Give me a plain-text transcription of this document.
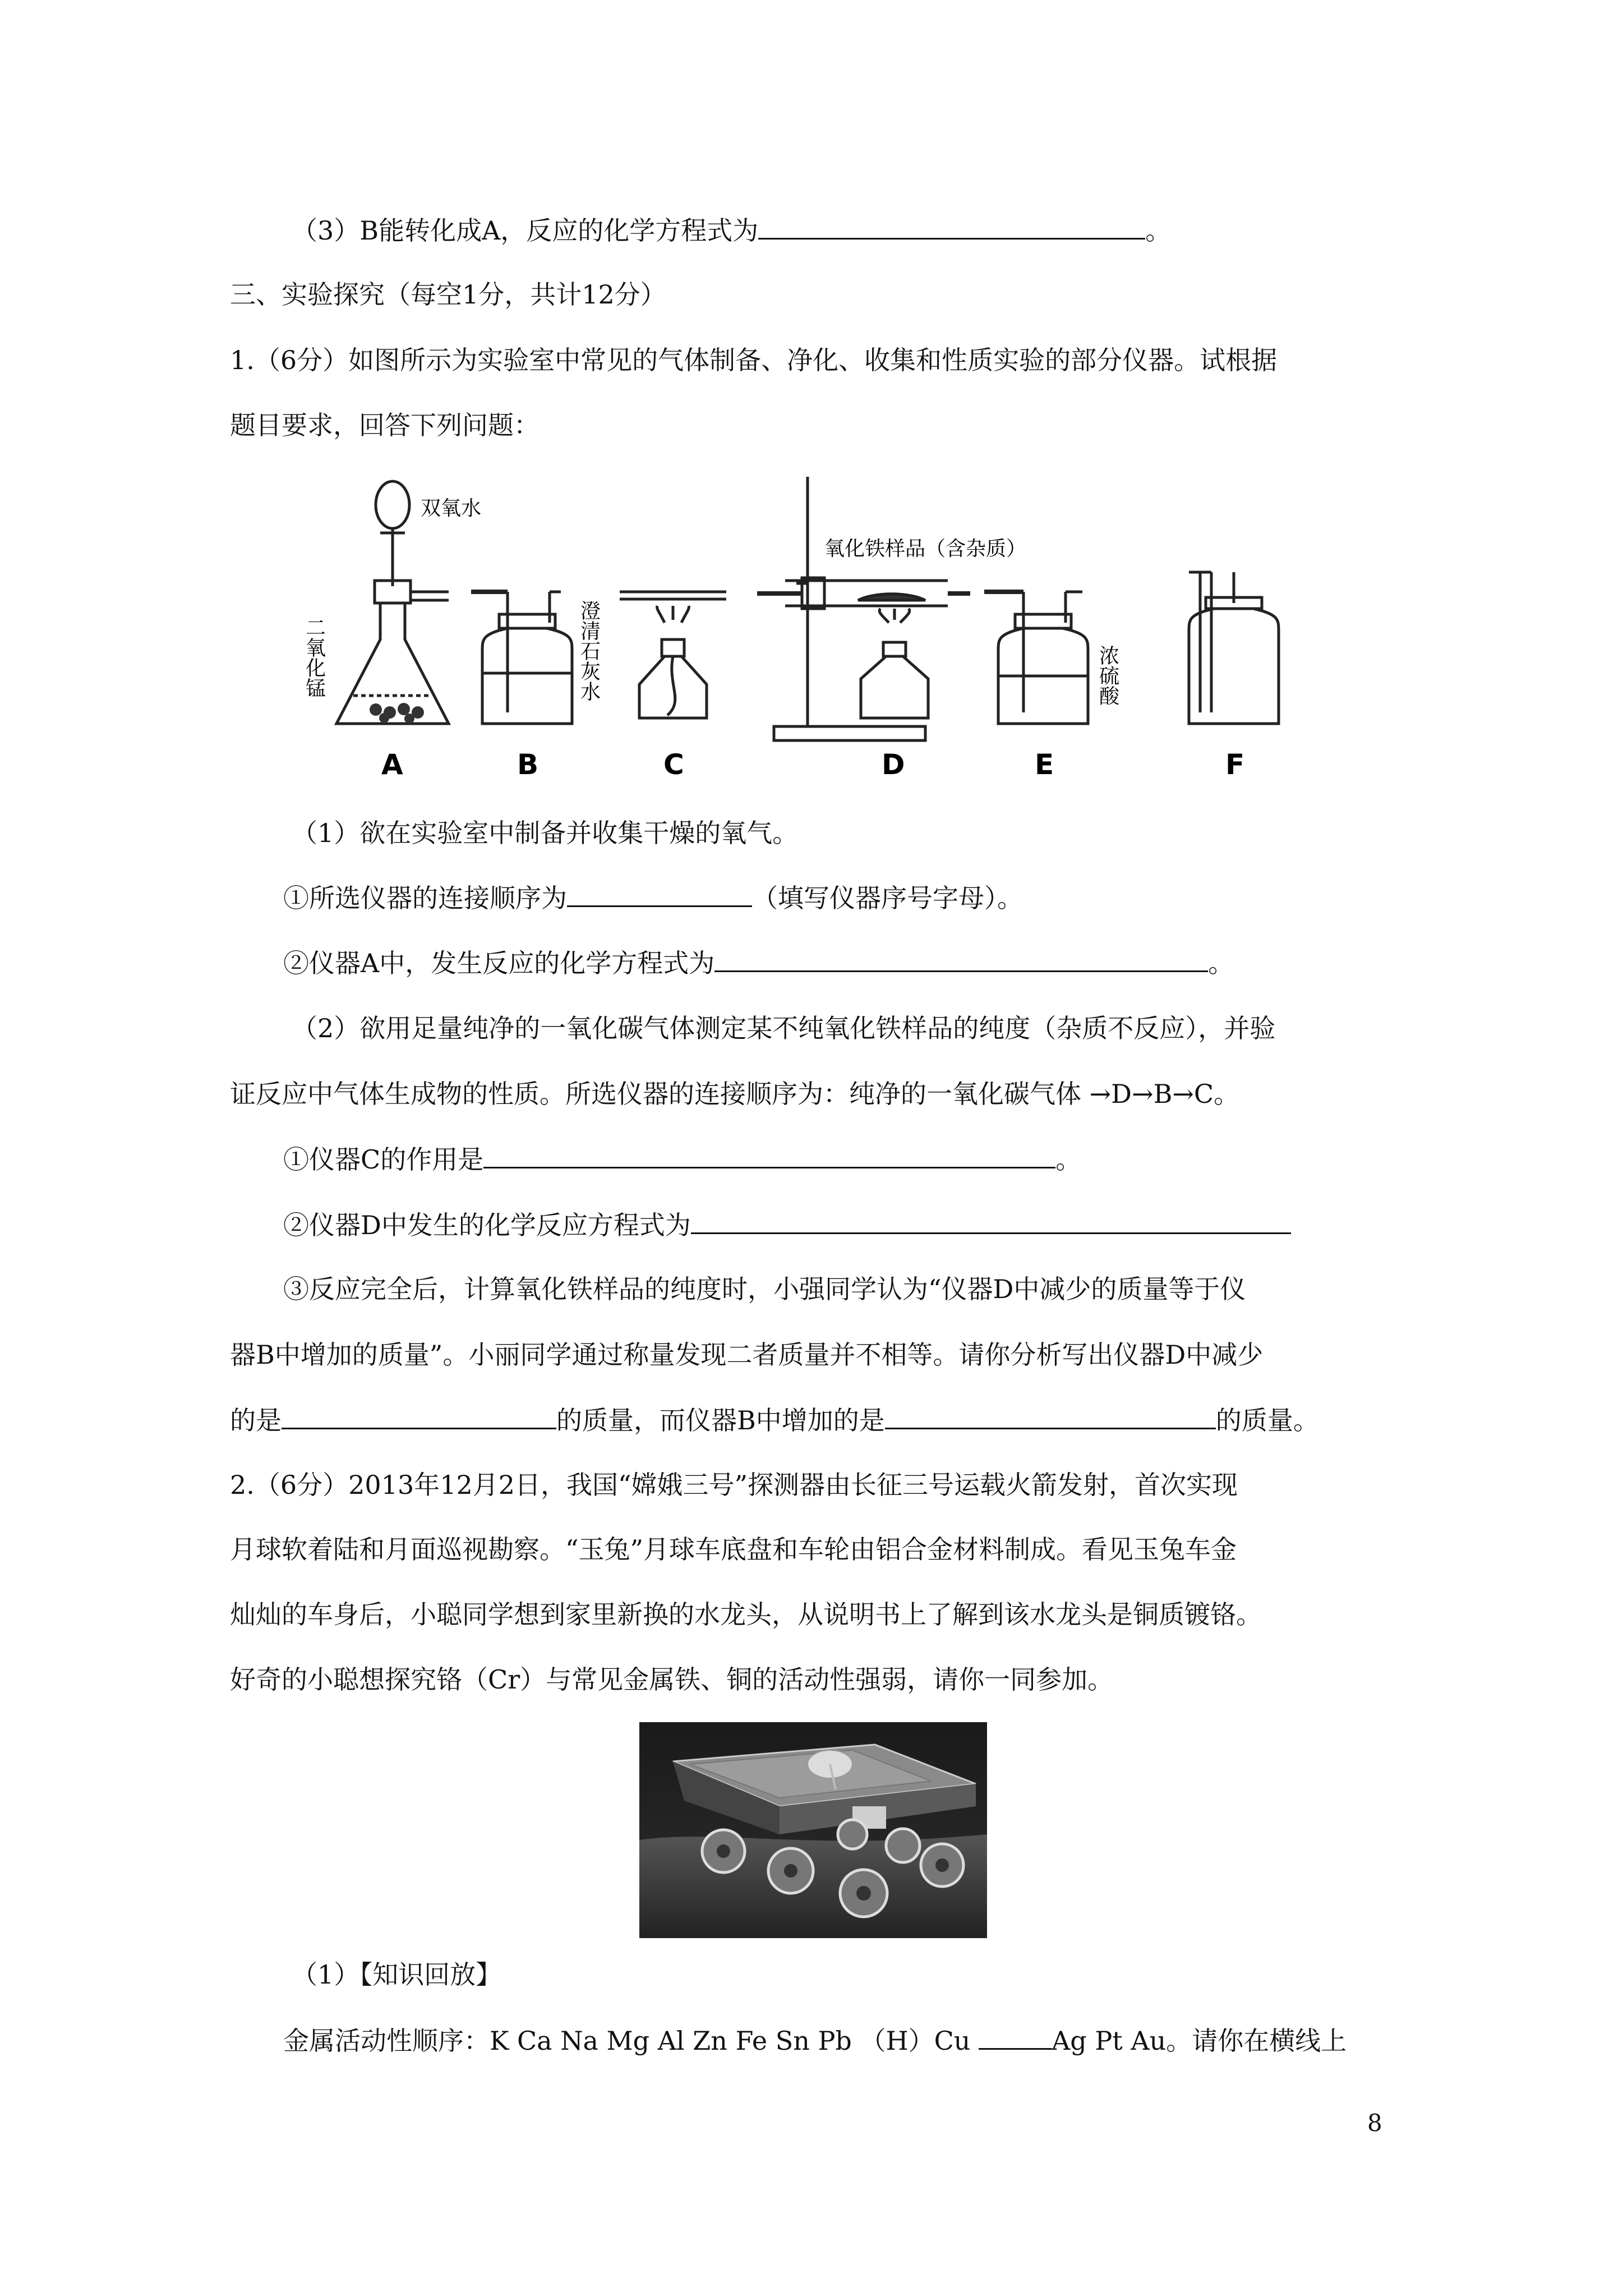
（3）B能转化成A，反应的化学方程式为	。
三、实验探究（每空1分，共计12分）
1.（6分）如图所示为实验室中常见的气体制备、净化、收集和性质实验的部分仪器。试根据
题目要求，回答下列问题：
双氧水
二氧化锰	澄清石灰水
氧化铁样品（含杂质）
浓硫酸
A	B	C	D	E	F
（1）欲在实验室中制备并收集干燥的氧气。
①所选仪器的连接顺序为	（填写仪器序号字母）。
②仪器A中，发生反应的化学方程式为	。
（2）欲用足量纯净的一氧化碳气体测定某不纯氧化铁样品的纯度（杂质不反应），并验
证反应中气体生成物的性质。所选仪器的连接顺序为：纯净的一氧化碳气体 →D→B→C。
①仪器C的作用是	。
②仪器D中发生的化学反应方程式为
③反应完全后，计算氧化铁样品的纯度时，小强同学认为“仪器D中减少的质量等于仪
器B中增加的质量”。小丽同学通过称量发现二者质量并不相等。请你分析写出仪器D中减少
的是	的质量，而仪器B中增加的是	的质量。
2.（6分）2013年12月2日，我国“嫦娥三号”探测器由长征三号运载火箭发射，首次实现
月球软着陆和月面巡视勘察。“玉兔”月球车底盘和车轮由铝合金材料制成。看见玉兔车金
灿灿的车身后，小聪同学想到家里新换的水龙头，从说明书上了解到该水龙头是铜质镀铬。
好奇的小聪想探究铬（Cr）与常见金属铁、铜的活动性强弱，请你一同参加。
（1）【知识回放】
金属活动性顺序：K Ca Na Mg Al Zn Fe Sn Pb （H）Cu	Ag Pt Au。请你在横线上
8
